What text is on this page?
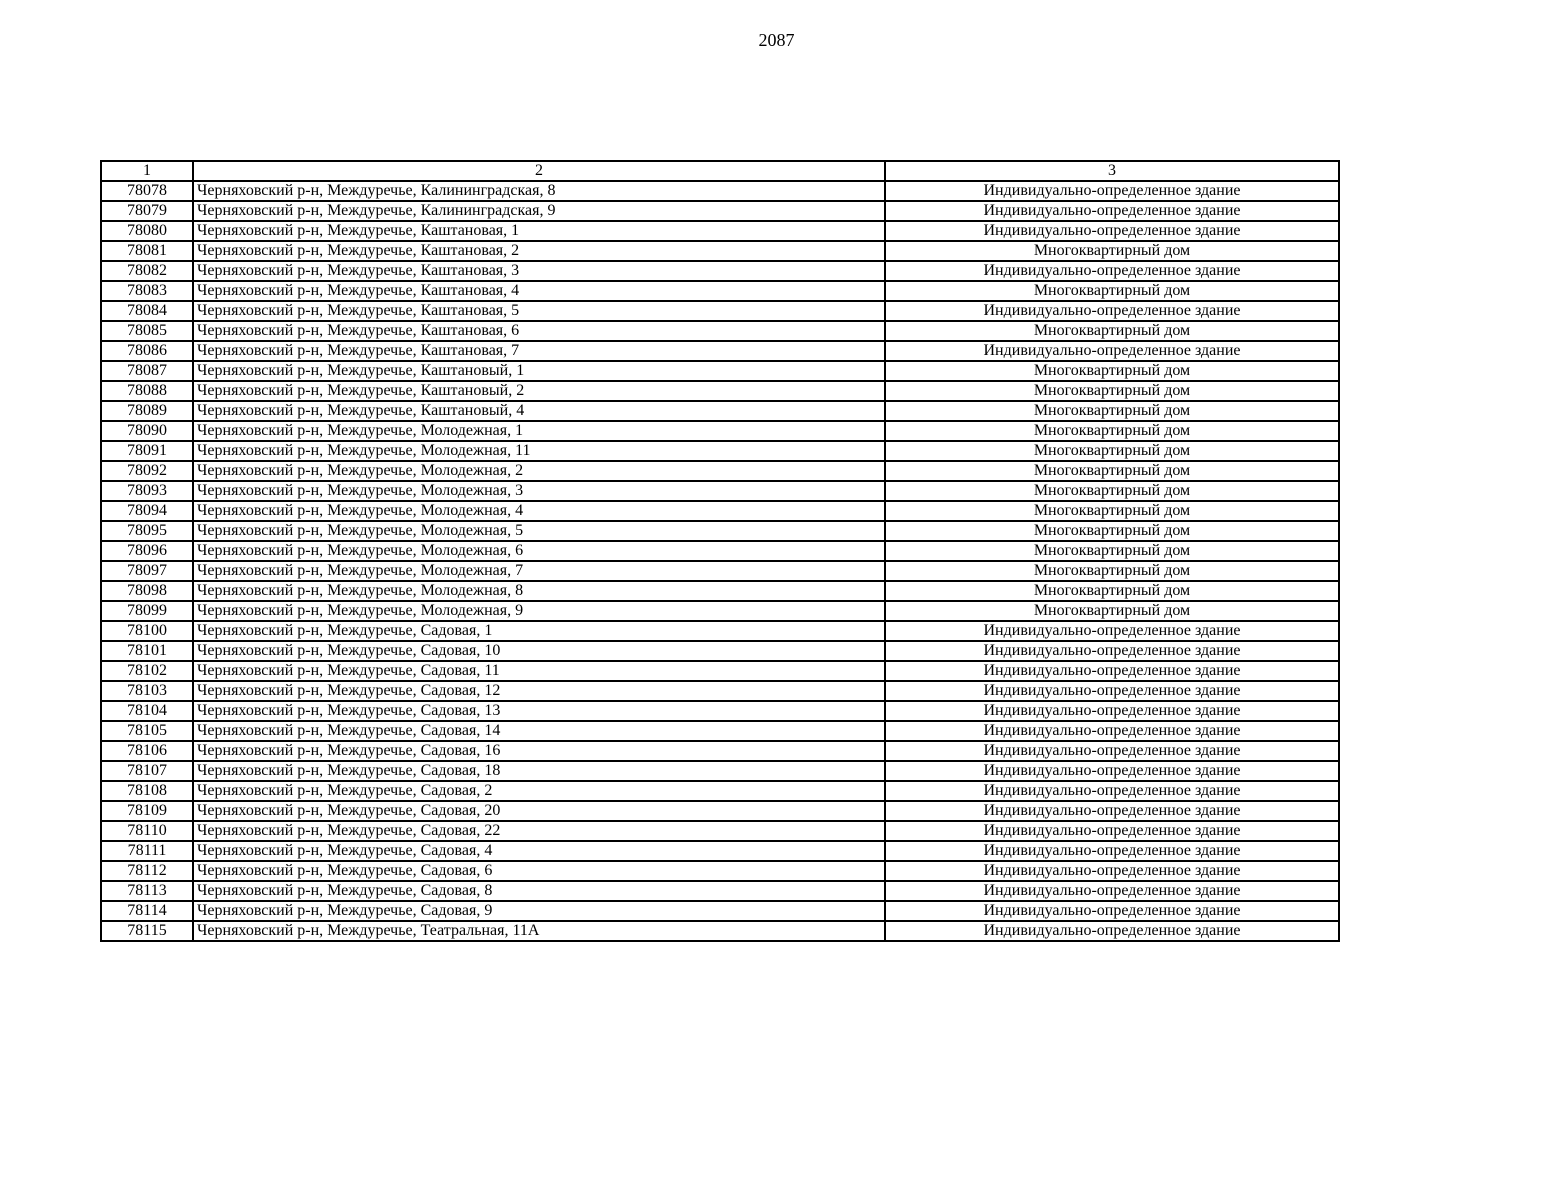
2087
1	2	3
78078	Черняховский р-н, Междуречье, Калининградская, 8	Индивидуально-определенное здание
78079	Черняховский р-н, Междуречье, Калининградская, 9	Индивидуально-определенное здание
78080	Черняховский р-н, Междуречье, Каштановая, 1	Индивидуально-определенное здание
78081	Черняховский р-н, Междуречье, Каштановая, 2	Многоквартирный дом
78082	Черняховский р-н, Междуречье, Каштановая, 3	Индивидуально-определенное здание
78083	Черняховский р-н, Междуречье, Каштановая, 4	Многоквартирный дом
78084	Черняховский р-н, Междуречье, Каштановая, 5	Индивидуально-определенное здание
78085	Черняховский р-н, Междуречье, Каштановая, 6	Многоквартирный дом
78086	Черняховский р-н, Междуречье, Каштановая, 7	Индивидуально-определенное здание
78087	Черняховский р-н, Междуречье, Каштановый, 1	Многоквартирный дом
78088	Черняховский р-н, Междуречье, Каштановый, 2	Многоквартирный дом
78089	Черняховский р-н, Междуречье, Каштановый, 4	Многоквартирный дом
78090	Черняховский р-н, Междуречье, Молодежная, 1	Многоквартирный дом
78091	Черняховский р-н, Междуречье, Молодежная, 11	Многоквартирный дом
78092	Черняховский р-н, Междуречье, Молодежная, 2	Многоквартирный дом
78093	Черняховский р-н, Междуречье, Молодежная, 3	Многоквартирный дом
78094	Черняховский р-н, Междуречье, Молодежная, 4	Многоквартирный дом
78095	Черняховский р-н, Междуречье, Молодежная, 5	Многоквартирный дом
78096	Черняховский р-н, Междуречье, Молодежная, 6	Многоквартирный дом
78097	Черняховский р-н, Междуречье, Молодежная, 7	Многоквартирный дом
78098	Черняховский р-н, Междуречье, Молодежная, 8	Многоквартирный дом
78099	Черняховский р-н, Междуречье, Молодежная, 9	Многоквартирный дом
78100	Черняховский р-н, Междуречье, Садовая, 1	Индивидуально-определенное здание
78101	Черняховский р-н, Междуречье, Садовая, 10	Индивидуально-определенное здание
78102	Черняховский р-н, Междуречье, Садовая, 11	Индивидуально-определенное здание
78103	Черняховский р-н, Междуречье, Садовая, 12	Индивидуально-определенное здание
78104	Черняховский р-н, Междуречье, Садовая, 13	Индивидуально-определенное здание
78105	Черняховский р-н, Междуречье, Садовая, 14	Индивидуально-определенное здание
78106	Черняховский р-н, Междуречье, Садовая, 16	Индивидуально-определенное здание
78107	Черняховский р-н, Междуречье, Садовая, 18	Индивидуально-определенное здание
78108	Черняховский р-н, Междуречье, Садовая, 2	Индивидуально-определенное здание
78109	Черняховский р-н, Междуречье, Садовая, 20	Индивидуально-определенное здание
78110	Черняховский р-н, Междуречье, Садовая, 22	Индивидуально-определенное здание
78111	Черняховский р-н, Междуречье, Садовая, 4	Индивидуально-определенное здание
78112	Черняховский р-н, Междуречье, Садовая, 6	Индивидуально-определенное здание
78113	Черняховский р-н, Междуречье, Садовая, 8	Индивидуально-определенное здание
78114	Черняховский р-н, Междуречье, Садовая, 9	Индивидуально-определенное здание
78115	Черняховский р-н, Междуречье, Театральная, 11А	Индивидуально-определенное здание
